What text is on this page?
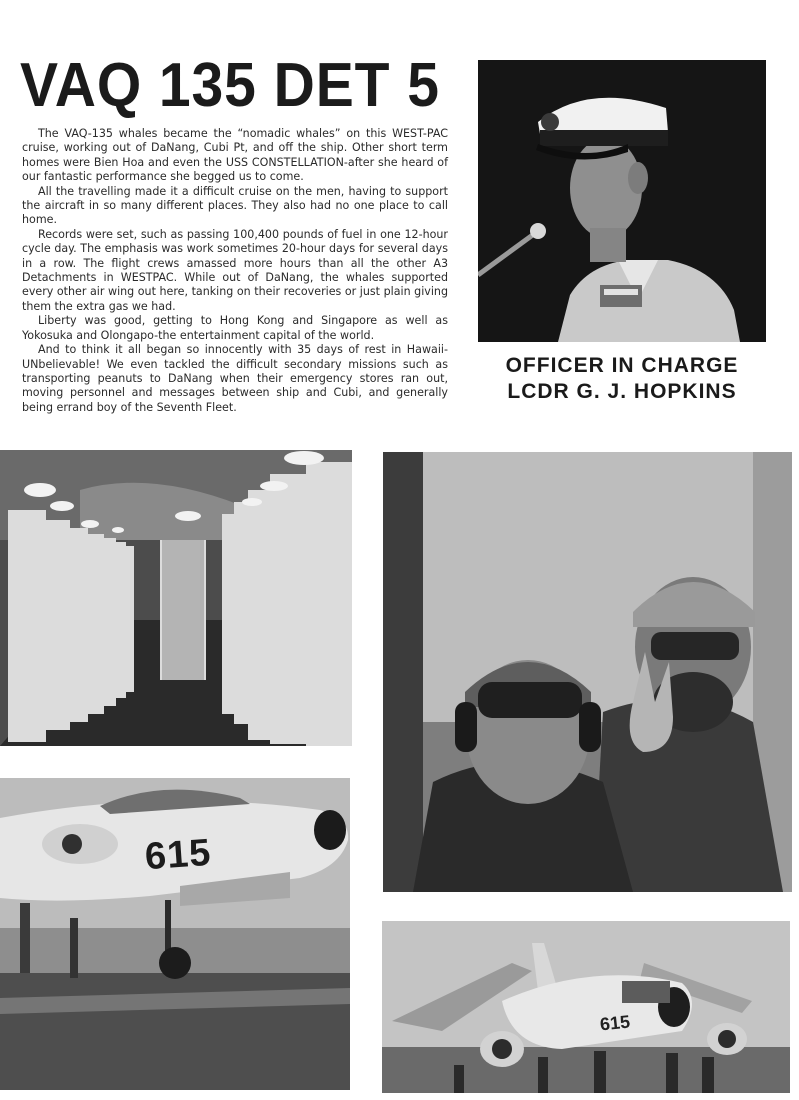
VAQ 135 DET 5

The VAQ-135 whales became the “nomadic whales” on this WEST-PAC cruise, working out of DaNang, Cubi Pt, and off the ship. Other short term homes were Bien Hoa and even the USS CONSTELLATION-after she heard of our fantastic performance she begged us to come.

All the travelling made it a difficult cruise on the men, having to support the aircraft in so many different places. They also had no one place to call home.

Records were set, such as passing 100,400 pounds of fuel in one 12-hour cycle day. The emphasis was work sometimes 20-hour days for several days in a row. The flight crews amassed more hours than all the other A3 Detachments in WESTPAC. While out of DaNang, the whales supported every other air wing out here, tanking on their recoveries or just plain giving them the extra gas we had.

Liberty was good, getting to Hong Kong and Singapore as well as Yokosuka and Olongapo-the entertainment capital of the world.

And to think it all began so innocently with 35 days of rest in Hawaii-UNbelievable! We even tackled the difficult secondary missions such as transporting peanuts to DaNang when their emergency stores ran out, moving personnel and messages between ship and Cubi, and generally being errand boy of the Seventh Fleet.

OFFICER IN CHARGE
LCDR G. J. HOPKINS
615
615
